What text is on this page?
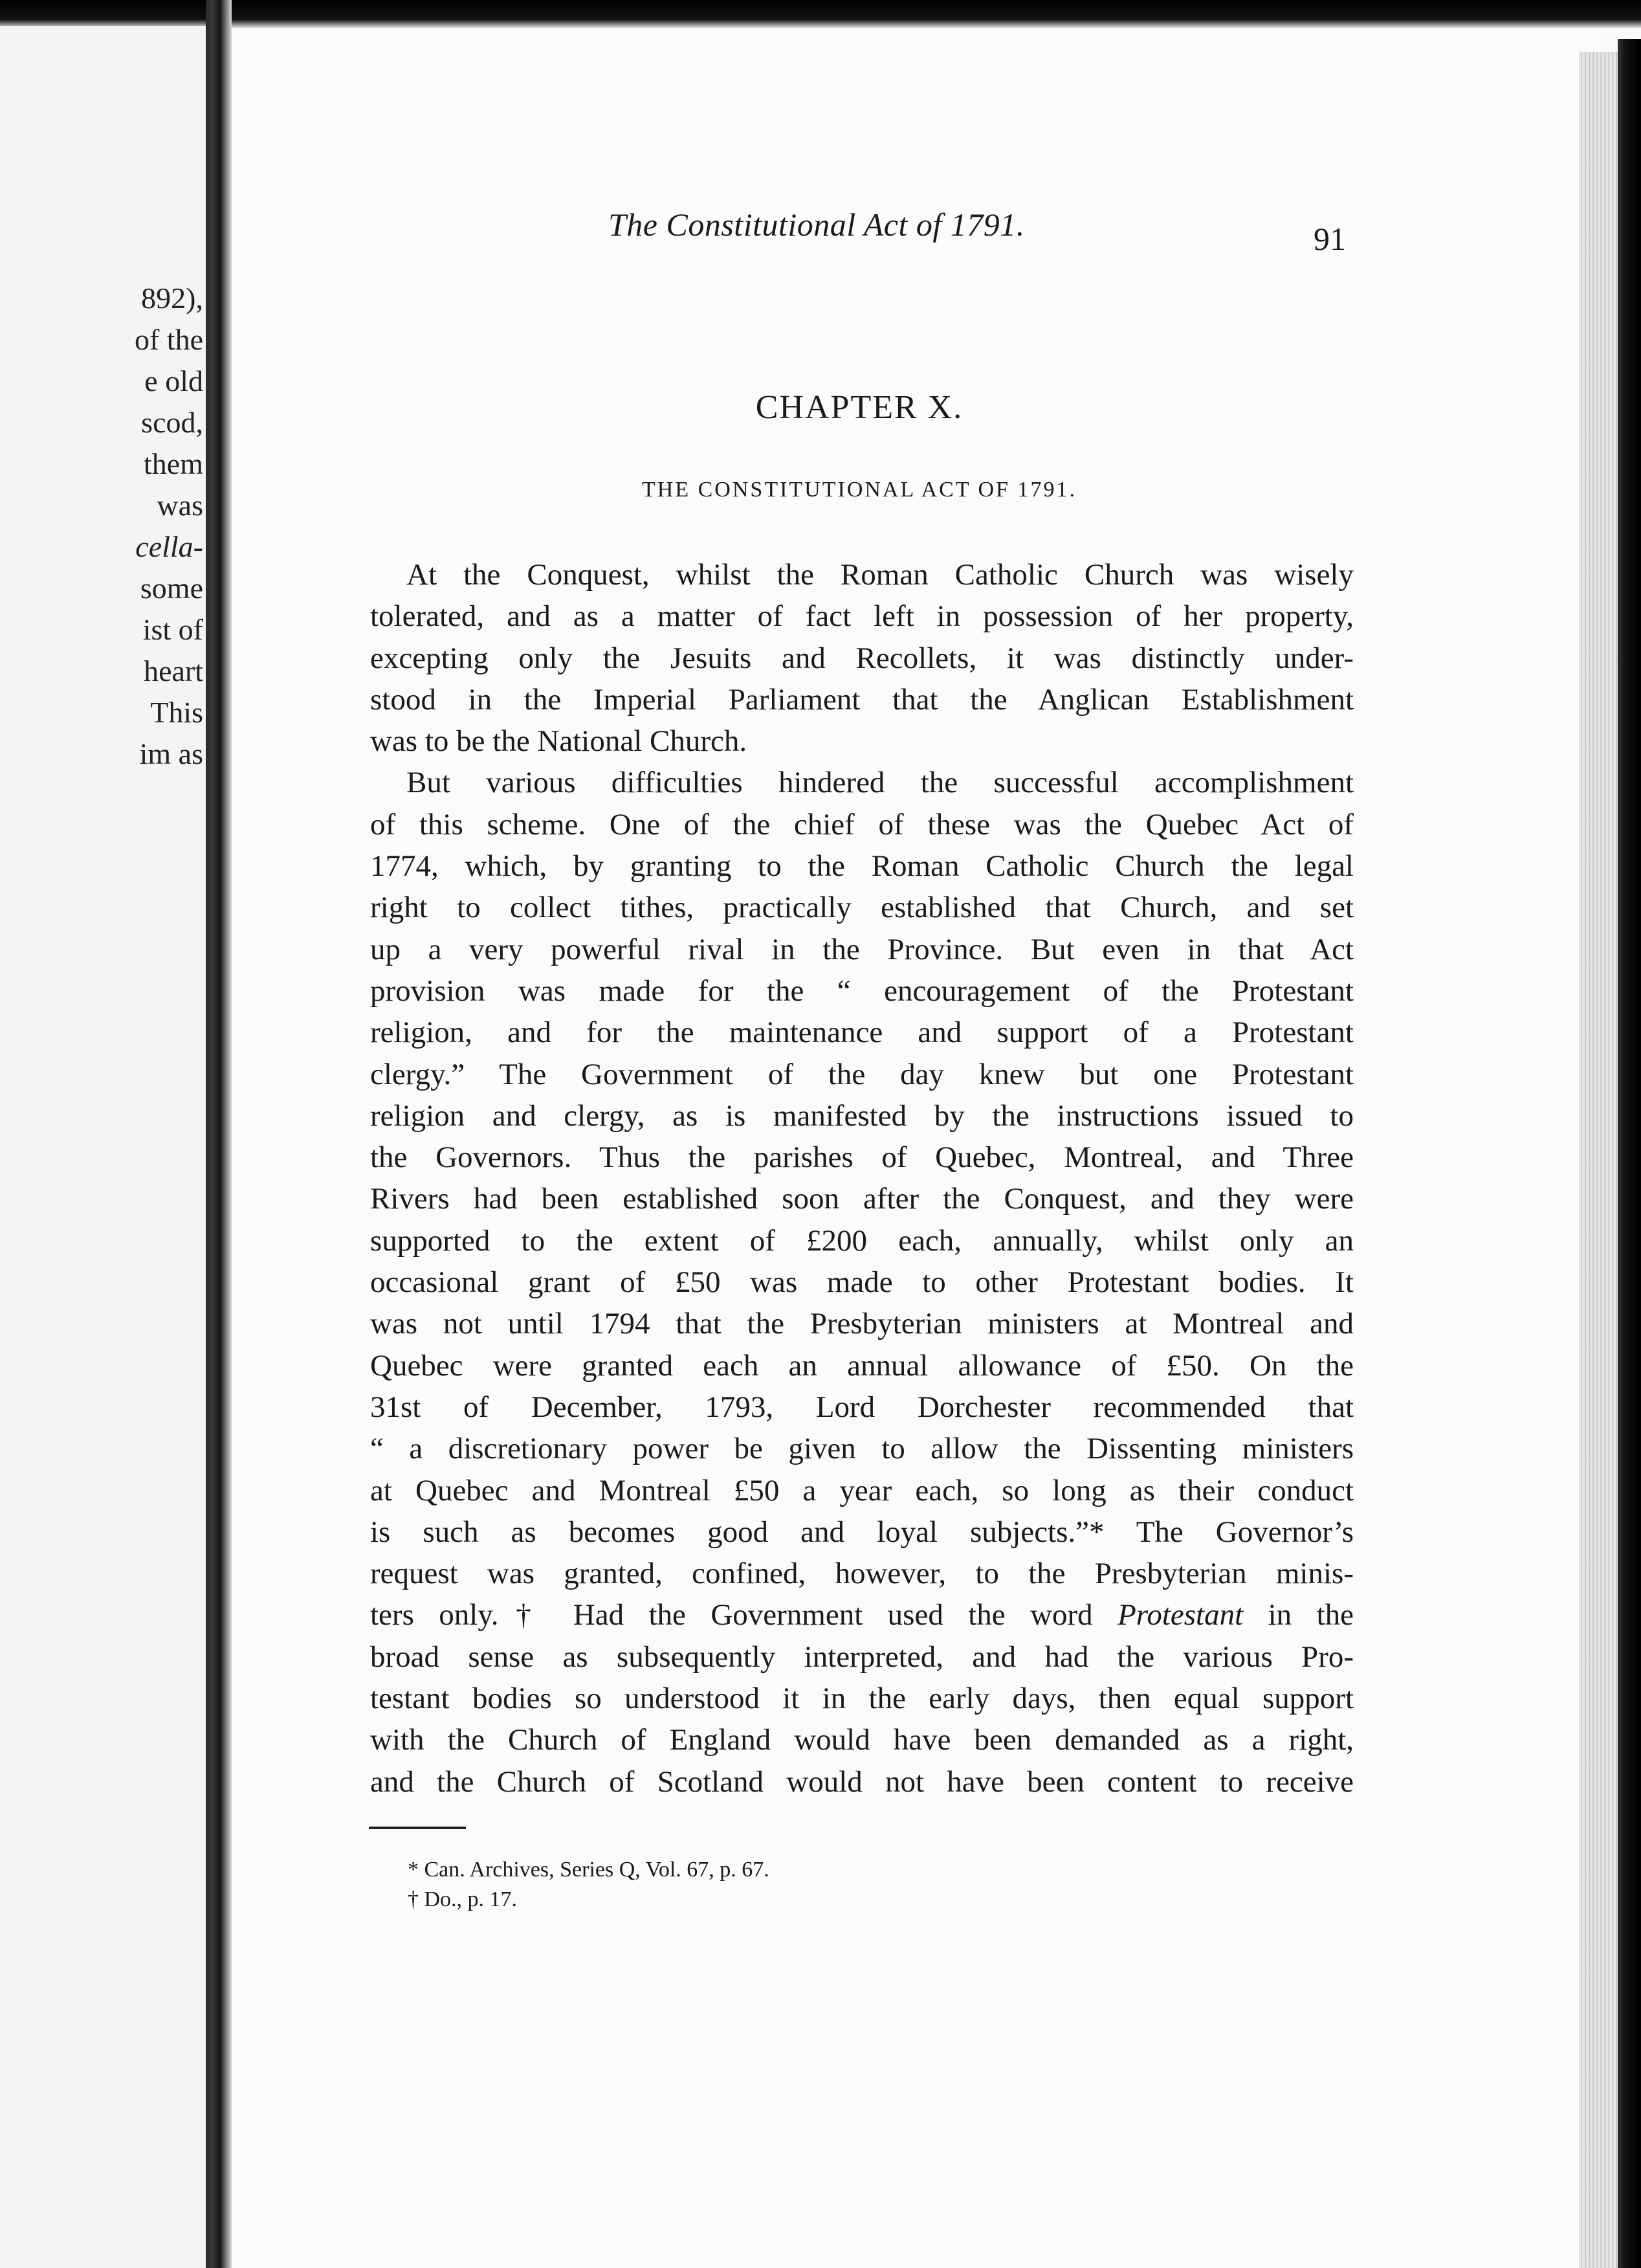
892),
of the
e old
scod,
them
was
cella-
some
ist of
heart
This
im as
The Constitutional Act of 1791.	91
CHAPTER X.
THE CONSTITUTIONAL ACT OF 1791.
At the Conquest, whilst the Roman Catholic Church was wisely
tolerated, and as a matter of fact left in possession of her property,
excepting only the Jesuits and Recollets, it was distinctly under-
stood in the Imperial Parliament that the Anglican Establishment
was to be the National Church.
But various difficulties hindered the successful accomplishment
of this scheme. One of the chief of these was the Quebec Act of
1774, which, by granting to the Roman Catholic Church the legal
right to collect tithes, practically established that Church, and set
up a very powerful rival in the Province. But even in that Act
provision was made for the “ encouragement of the Protestant
religion, and for the maintenance and support of a Protestant
clergy.” The Government of the day knew but one Protestant
religion and clergy, as is manifested by the instructions issued to
the Governors. Thus the parishes of Quebec, Montreal, and Three
Rivers had been established soon after the Conquest, and they were
supported to the extent of £200 each, annually, whilst only an
occasional grant of £50 was made to other Protestant bodies. It
was not until 1794 that the Presbyterian ministers at Montreal and
Quebec were granted each an annual allowance of £50. On the
31st of December, 1793, Lord Dorchester recommended that
“ a discretionary power be given to allow the Dissenting ministers
at Quebec and Montreal £50 a year each, so long as their conduct
is such as becomes good and loyal subjects.”* The Governor’s
request was granted, confined, however, to the Presbyterian minis-
ters only.† Had the Government used the word Protestant in the
broad sense as subsequently interpreted, and had the various Pro-
testant bodies so understood it in the early days, then equal support
with the Church of England would have been demanded as a right,
and the Church of Scotland would not have been content to receive
* Can. Archives, Series Q, Vol. 67, p. 67.
† Do., p. 17.
